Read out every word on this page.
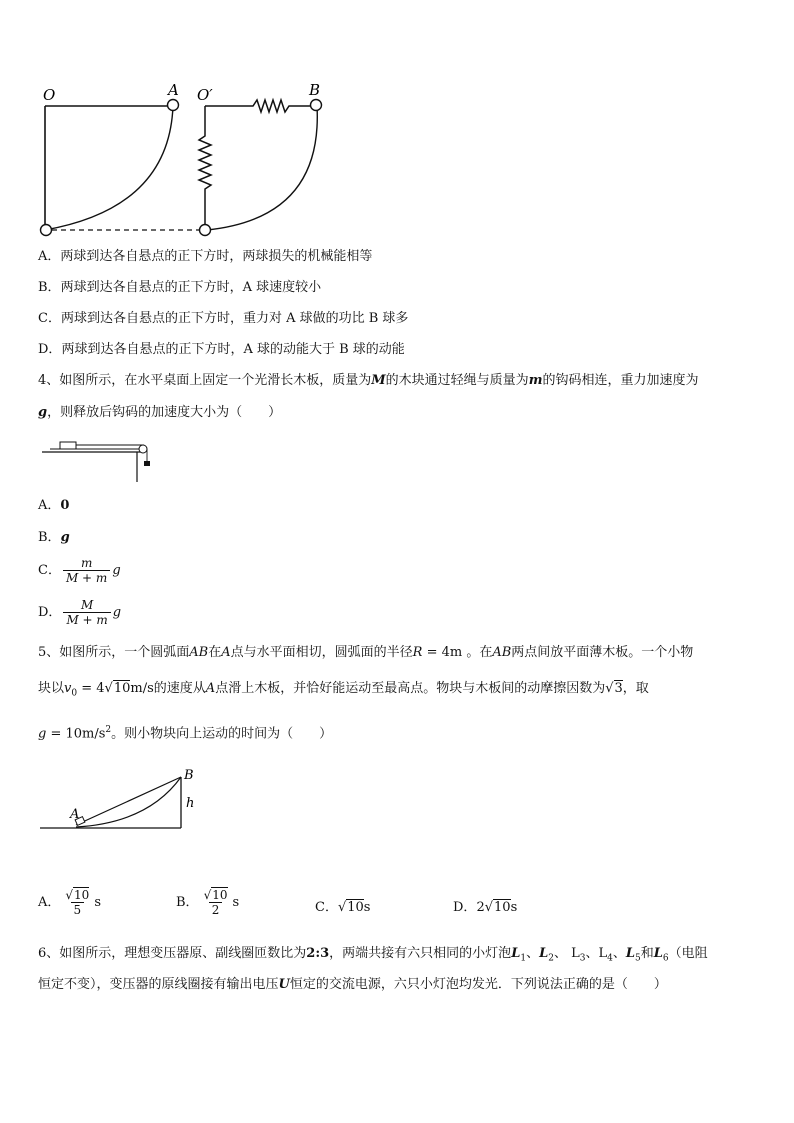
O	A O′	B
A．两球到达各自悬点的正下方时，两球损失的机械能相等
B．两球到达各自悬点的正下方时，A 球速度较小
C．两球到达各自悬点的正下方时，重力对 A 球做的功比 B 球多
D．两球到达各自悬点的正下方时，A 球的动能大于 B 球的动能
4、如图所示，在水平桌面上固定一个光滑长木板，质量为M的木块通过轻绳与质量为m的钩码相连，重力加速度为
g，则释放后钩码的加速度大小为（　　）
A．0
B．g
C． $\frac{m}{M + m}$ g
D． $\frac{M}{M + m}$ g
5、如图所示，一个圆弧面AB在A点与水平面相切，圆弧面的半径R = 4m 。在AB两点间放平面薄木板。一个小物
块以$v_0 = 4√10m/s$的速度从A点滑上木板，并恰好能运动至最高点。物块与木板间的动摩擦因数为√3，取
$g = 10m/s^2$。则小物块向上运动的时间为（　　）
A
B
h
A． $\frac{√10}{5}$ s	B． $\frac{√10}{2}$ s	C．√10s	D．2√10s
6、如图所示，理想变压器原、副线圈匝数比为2:3，两端共接有六只相同的小灯泡$L_1$、$L_2$、 $L_3$、$L_4$、$L_5$和$L_6$（电阻
恒定不变），变压器的原线圈接有输出电压U恒定的交流电源，六只小灯泡均发光．下列说法正确的是（　　）
